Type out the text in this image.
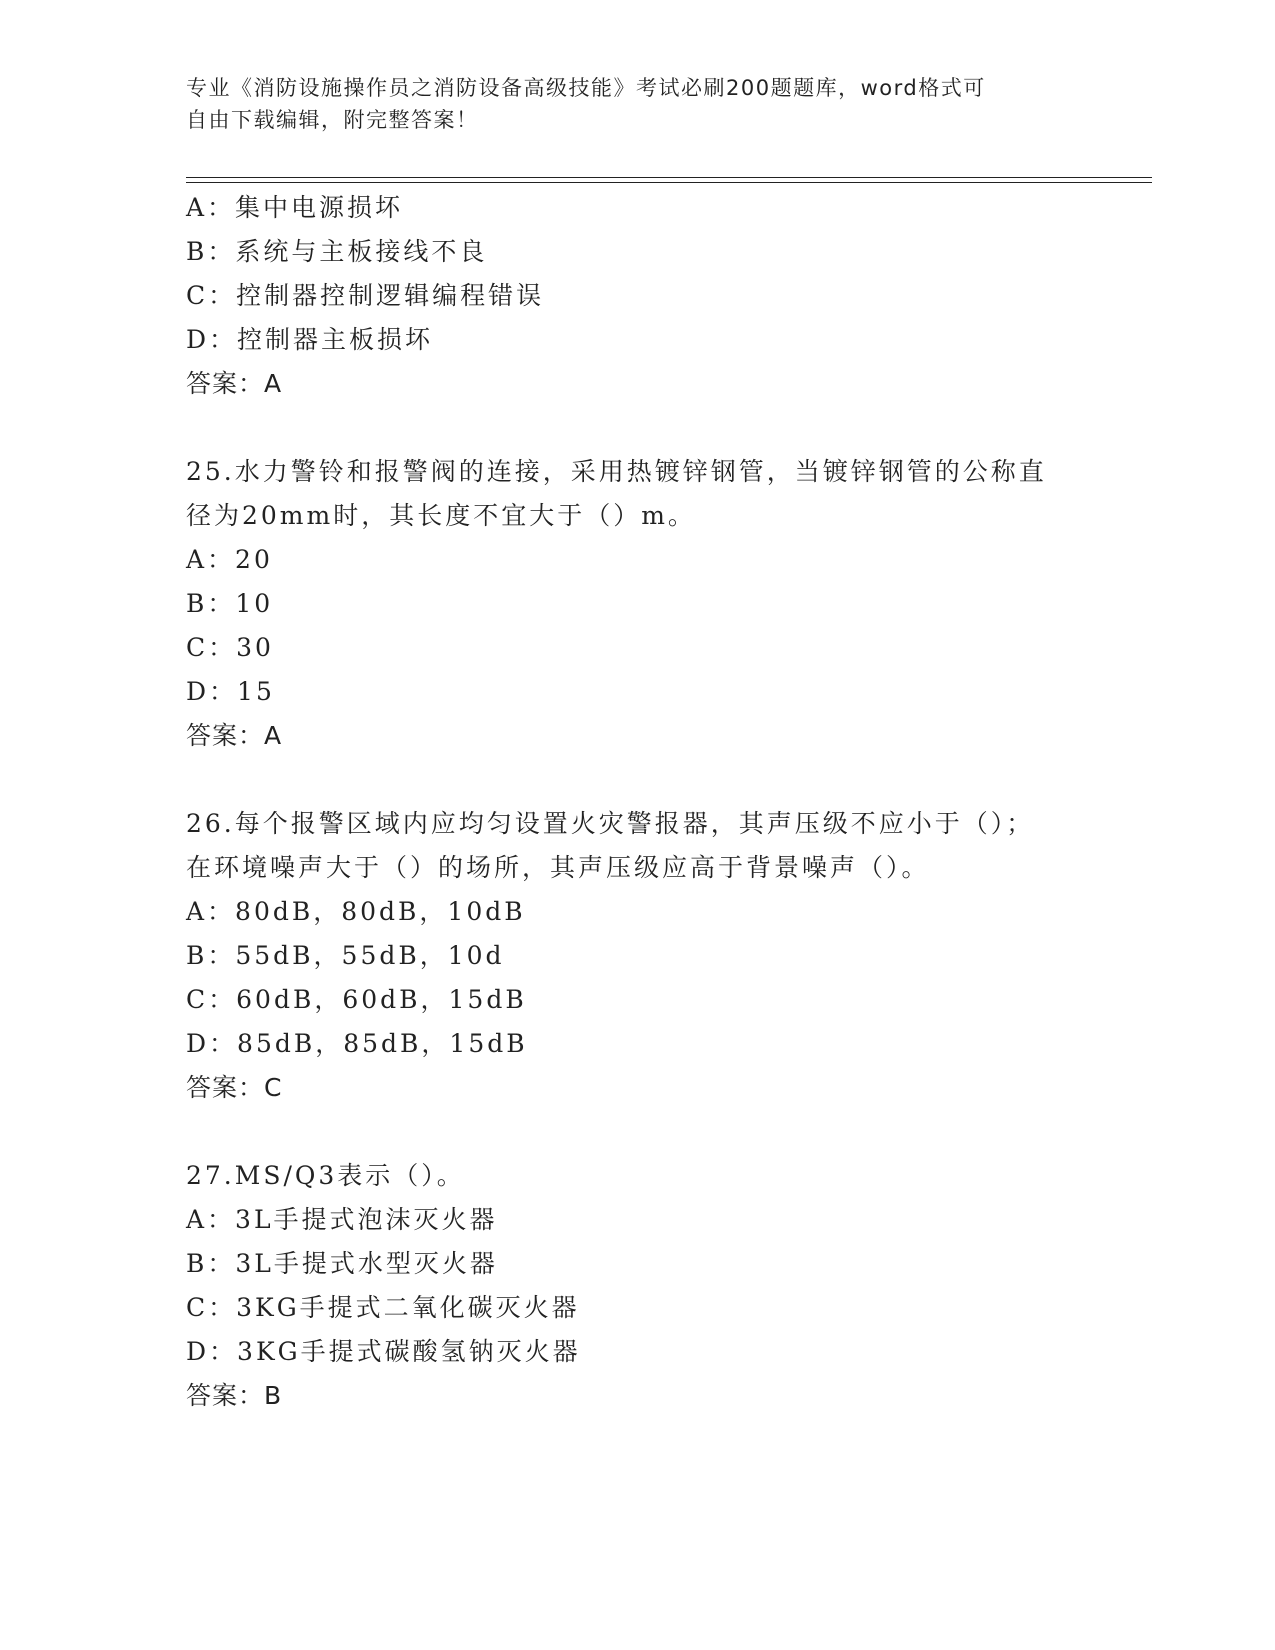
专业《消防设施操作员之消防设备高级技能》考试必刷200题题库，word格式可
自由下载编辑，附完整答案！
A：集中电源损坏
B：系统与主板接线不良
C：控制器控制逻辑编程错误
D：控制器主板损坏
答案：A
25.水力警铃和报警阀的连接，采用热镀锌钢管，当镀锌钢管的公称直
径为20mm时，其长度不宜大于（）m。
A：20
B：10
C：30
D：15
答案：A
26.每个报警区域内应均匀设置火灾警报器，其声压级不应小于（）；
在环境噪声大于（）的场所，其声压级应高于背景噪声（）。
A：80dB，80dB，10dB
B：55dB，55dB，10d
C：60dB，60dB，15dB
D：85dB，85dB，15dB
答案：C
27.MS/Q3表示（）。
A：3L手提式泡沫灭火器
B：3L手提式水型灭火器
C：3KG手提式二氧化碳灭火器
D：3KG手提式碳酸氢钠灭火器
答案：B
